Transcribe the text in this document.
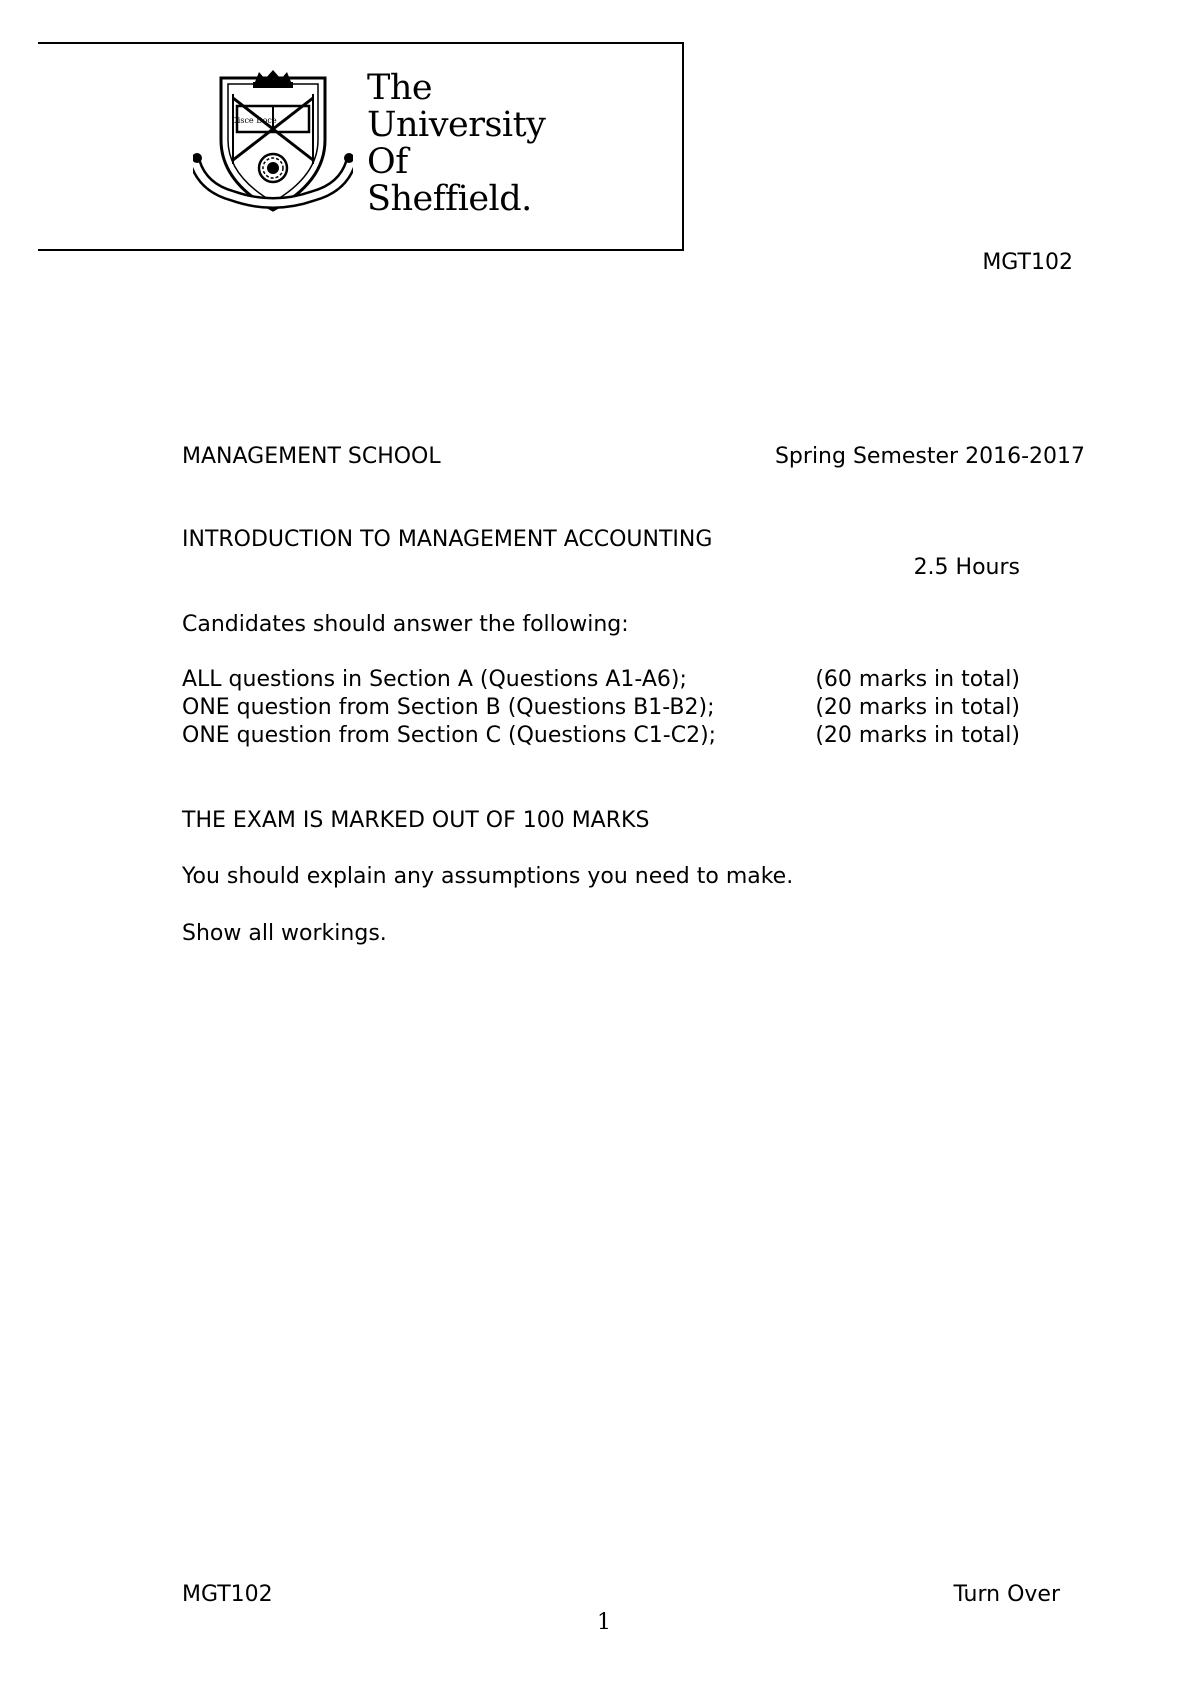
Disce Doce
The
University
Of
Sheffield.
MGT102
MANAGEMENT SCHOOL	Spring Semester 2016-2017
INTRODUCTION TO MANAGEMENT ACCOUNTING
2.5 Hours
Candidates should answer the following:
ALL questions in Section A (Questions A1-A6);	(60 marks in total)
ONE question from Section B (Questions B1-B2);	(20 marks in total)
ONE question from Section C (Questions C1-C2);	(20 marks in total)
THE EXAM IS MARKED OUT OF 100 MARKS
You should explain any assumptions you need to make.
Show all workings.
MGT102	Turn Over
1
